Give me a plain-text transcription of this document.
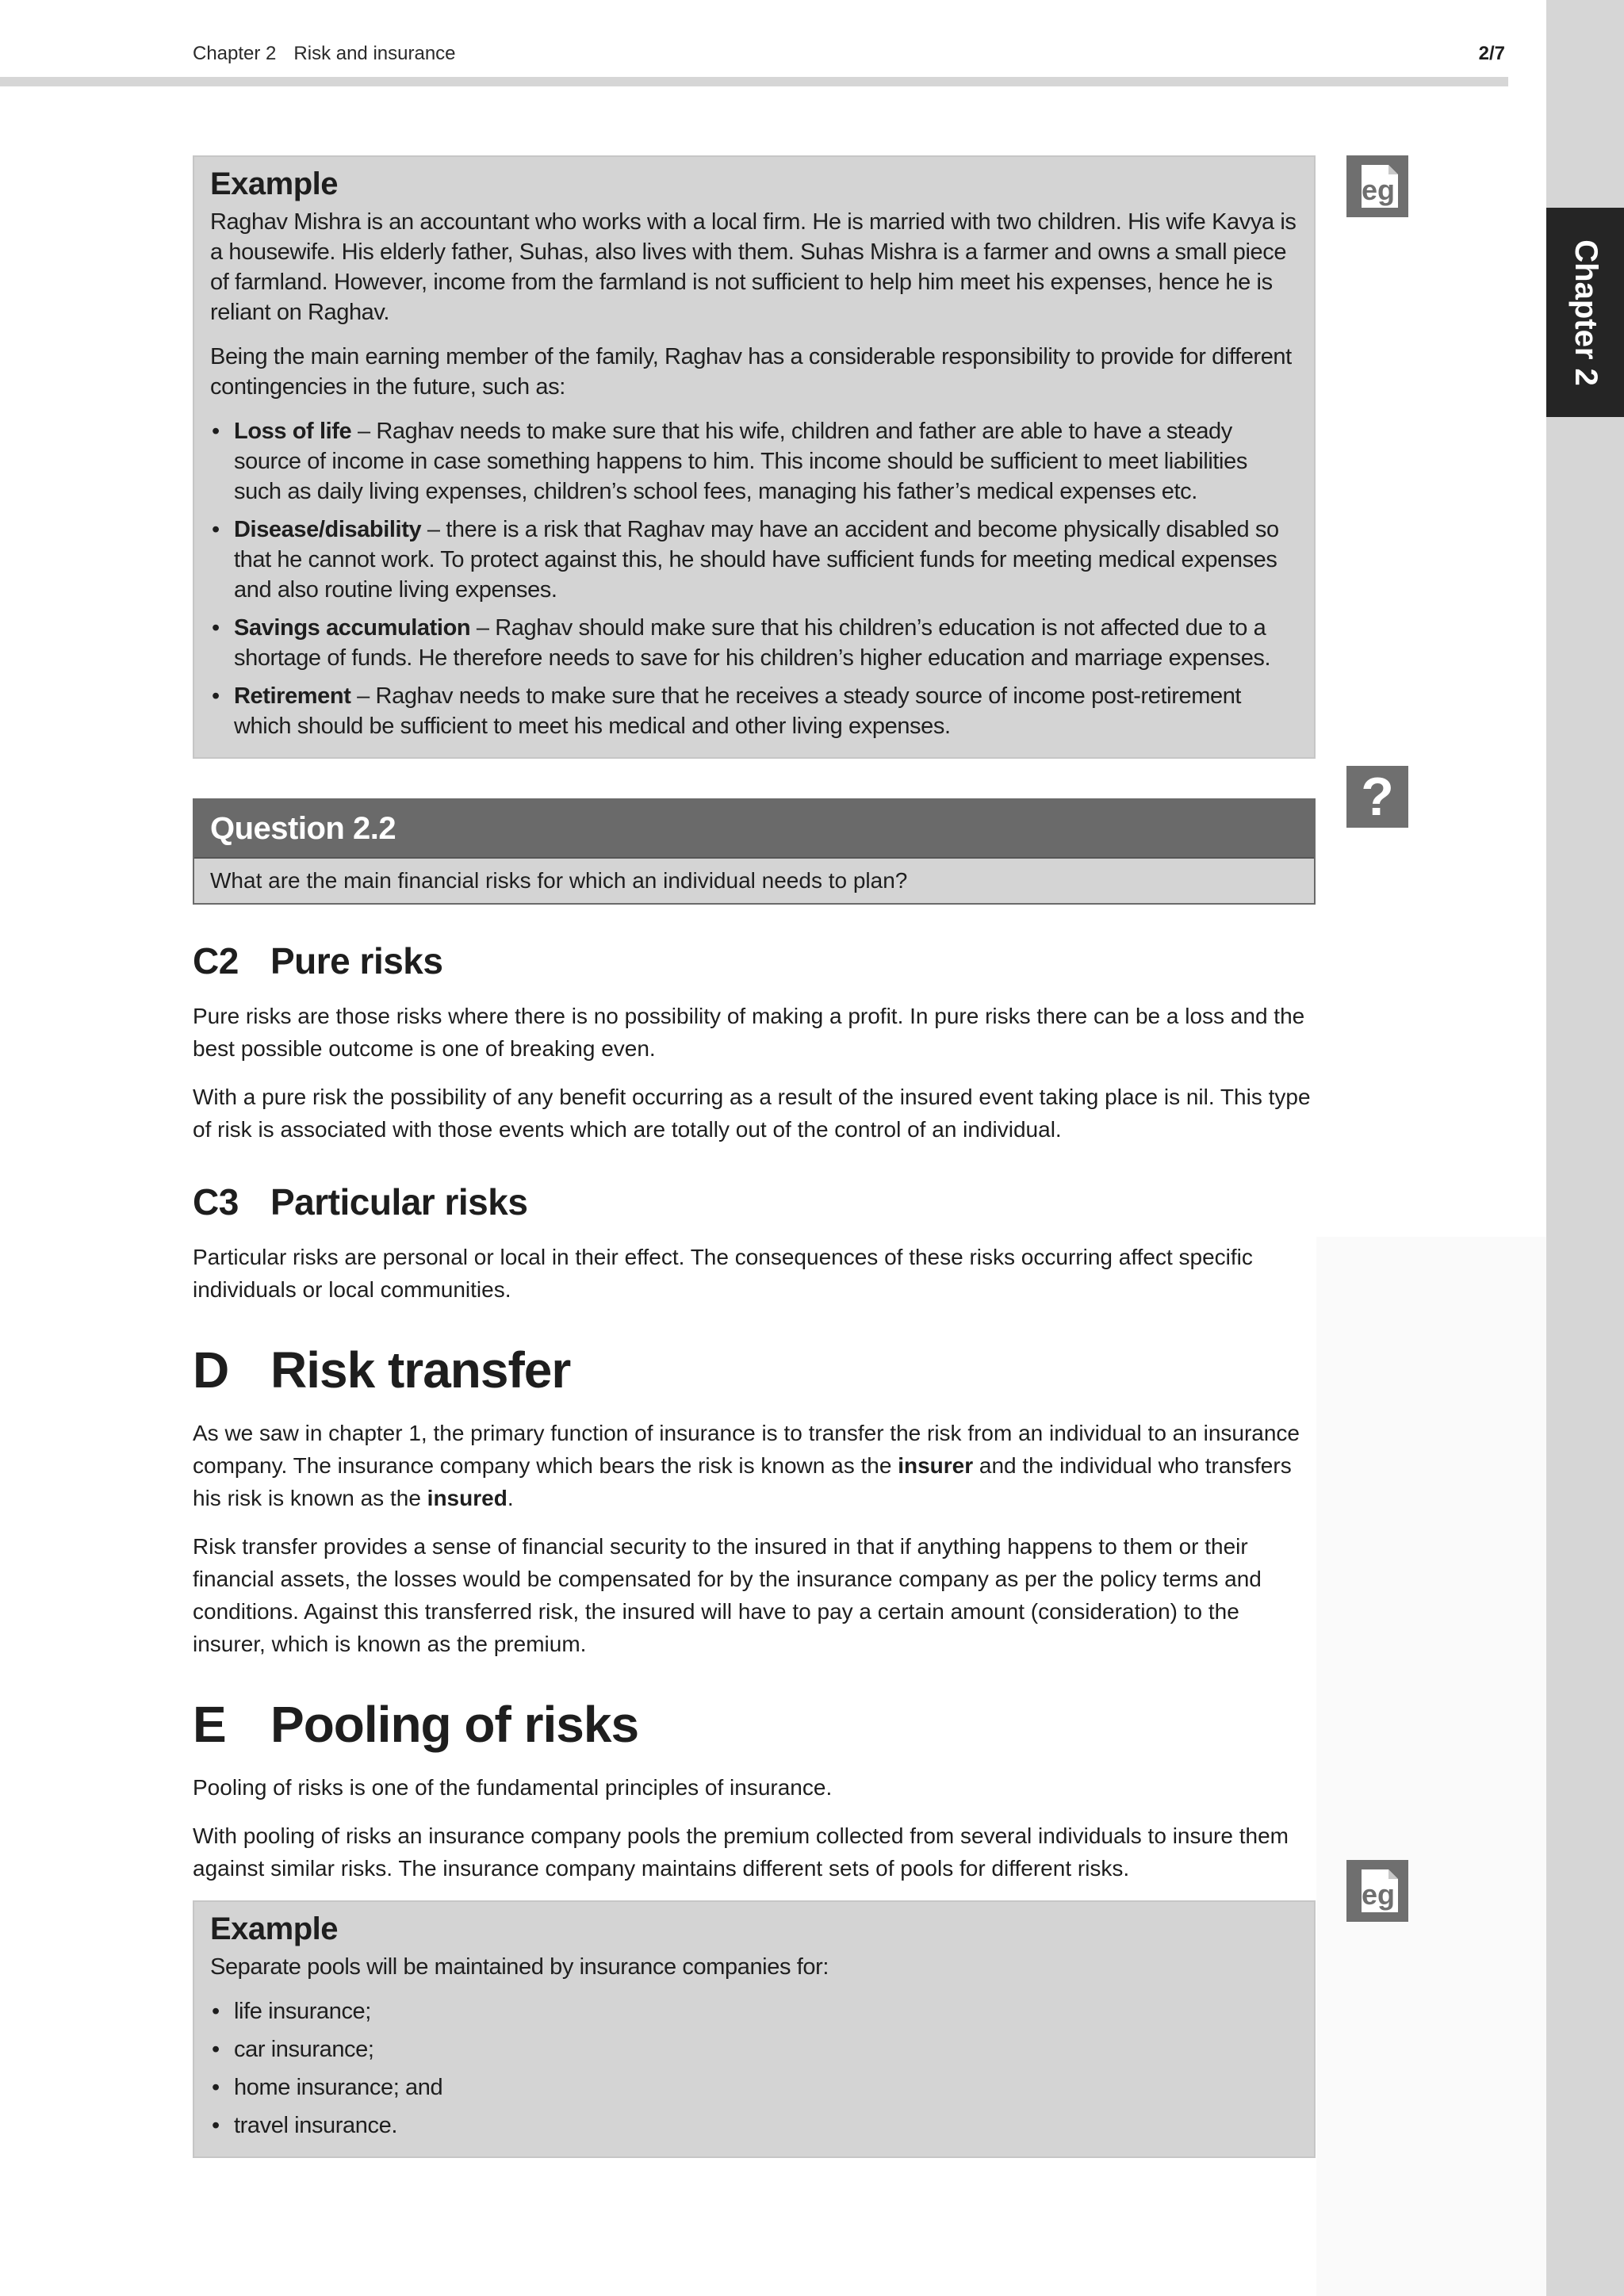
Chapter 2
Chapter 2 Risk and insurance	2/7
eg
?
eg
Example

Raghav Mishra is an accountant who works with a local firm. He is married with two children. His wife Kavya is a housewife. His elderly father, Suhas, also lives with them. Suhas Mishra is a farmer and owns a small piece of farmland. However, income from the farmland is not sufficient to help him meet his expenses, hence he is reliant on Raghav.

Being the main earning member of the family, Raghav has a considerable responsibility to provide for different contingencies in the future, such as:

• Loss of life – Raghav needs to make sure that his wife, children and father are able to have a steady source of income in case something happens to him. This income should be sufficient to meet liabilities such as daily living expenses, children’s school fees, managing his father’s medical expenses etc.
• Disease/disability – there is a risk that Raghav may have an accident and become physically disabled so that he cannot work. To protect against this, he should have sufficient funds for meeting medical expenses and also routine living expenses.
• Savings accumulation – Raghav should make sure that his children’s education is not affected due to a shortage of funds. He therefore needs to save for his children’s higher education and marriage expenses.
• Retirement – Raghav needs to make sure that he receives a steady source of income post-retirement which should be sufficient to meet his medical and other living expenses.
Question 2.2
What are the main financial risks for which an individual needs to plan?
C2 Pure risks

Pure risks are those risks where there is no possibility of making a profit. In pure risks there can be a loss and the best possible outcome is one of breaking even.

With a pure risk the possibility of any benefit occurring as a result of the insured event taking place is nil. This type of risk is associated with those events which are totally out of the control of an individual.

C3 Particular risks

Particular risks are personal or local in their effect. The consequences of these risks occurring affect specific individuals or local communities.

D Risk transfer

As we saw in chapter 1, the primary function of insurance is to transfer the risk from an individual to an insurance company. The insurance company which bears the risk is known as the insurer and the individual who transfers his risk is known as the insured.

Risk transfer provides a sense of financial security to the insured in that if anything happens to them or their financial assets, the losses would be compensated for by the insurance company as per the policy terms and conditions. Against this transferred risk, the insured will have to pay a certain amount (consideration) to the insurer, which is known as the premium.

E Pooling of risks

Pooling of risks is one of the fundamental principles of insurance.

With pooling of risks an insurance company pools the premium collected from several individuals to insure them against similar risks. The insurance company maintains different sets of pools for different risks.

Example

Separate pools will be maintained by insurance companies for:

• life insurance;
• car insurance;
• home insurance; and
• travel insurance.
